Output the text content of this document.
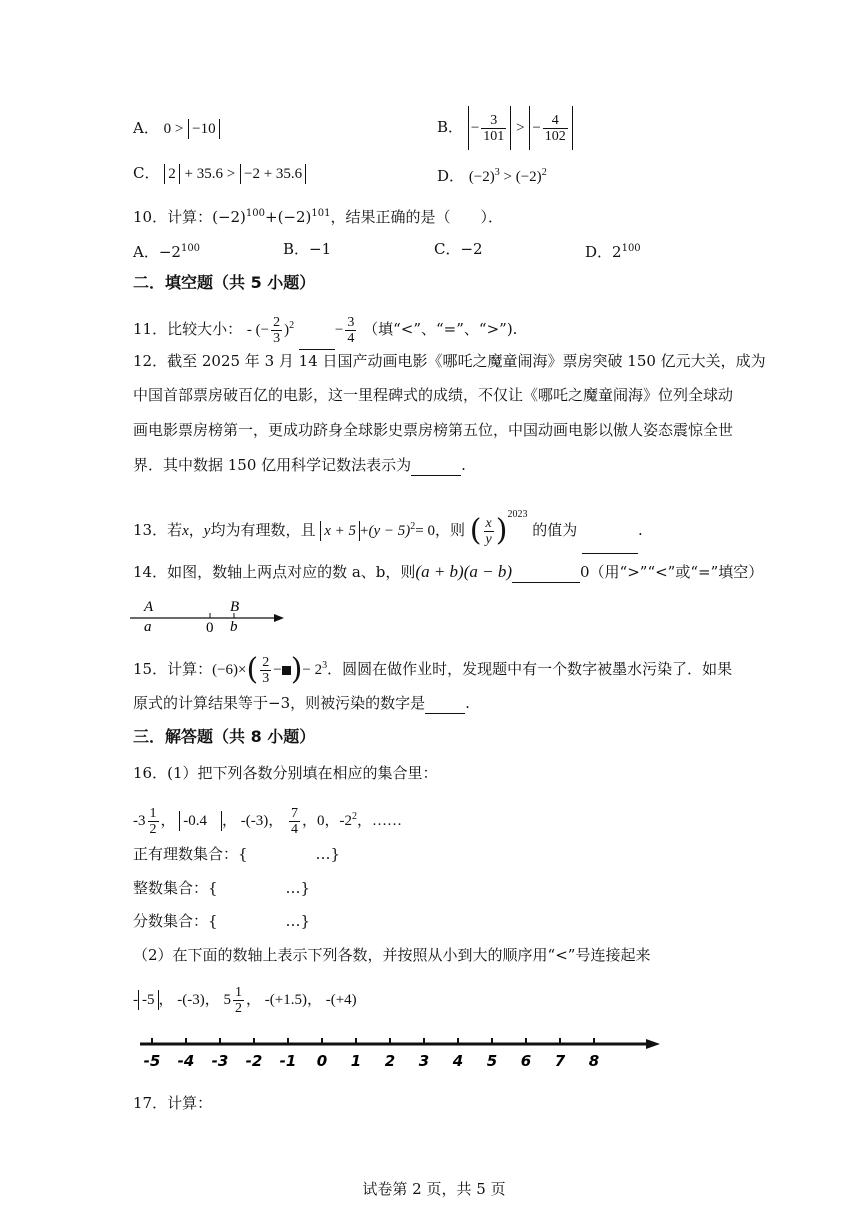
A． 0 > −10	B． − $\frac{3}{101}$ > − $\frac{4}{102}$
C． 2 + 35.6 > −2 + 35.6	D． $(-2)^3 > (-2)^2$
10．计算：$(-2)^{100}+(-2)^{101}$，结果正确的是（　　）．
A．$-2^{100}$	B．−1	C．−2	D．$2^{100}$
二．填空题（共 5 小题）
11．比较大小： - (− $\frac{2}{3} )^2$	− $\frac{3}{4}$ （填“<”、“=”、“>”).
12．截至 2025 年 3 月 14 日国产动画电影《哪吒之魔童闹海》票房突破 150 亿元大关，成为
中国首部票房破百亿的电影，这一里程碑式的成绩，不仅让《哪吒之魔童闹海》位列全球动
画电影票房榜第一，更成功跻身全球影史票房榜第五位，中国动画电影以傲人姿态震惊全世
界．其中数据 150 亿用科学记数法表示为	.
13．若x，y均为有理数，且 $x + 5 +(y - 5)^2= 0$，则 ( $\frac{x}{y} )^{2023}$ 的值为	.
14．如图，数轴上两点对应的数 a、b，则(a + b)(a − b)	0（用“>”“<”或“=”填空）
A
a	0
B
b
15．计算：$(-6)\times( \frac{2}{3}$ − )− $2^3$．圆圆在做作业时，发现题中有一个数字被墨水污染了．如果
原式的计算结果等于−3，则被污染的数字是	.
三．解答题（共 8 小题）
16．(1）把下列各数分别填在相应的集合里：
$-3 \frac{1}{2}$ ， -0.4 ， -(-3)， $\frac{7}{4}$ ，0，$-2^2$，……
正有理数集合：{	…}
整数集合：{	…}
分数集合：{	…}
（2）在下面的数轴上表示下列各数，并按照从小到大的顺序用“<”号连接起来
- -5 ， -(-3)， $5 \frac{1}{2}$ ， -(+1.5)， -(+4)
-5 -4 -3 -2 -1 0 1 2 3 4 5 6 7 8
17．计算：
试卷第 2 页，共 5 页
